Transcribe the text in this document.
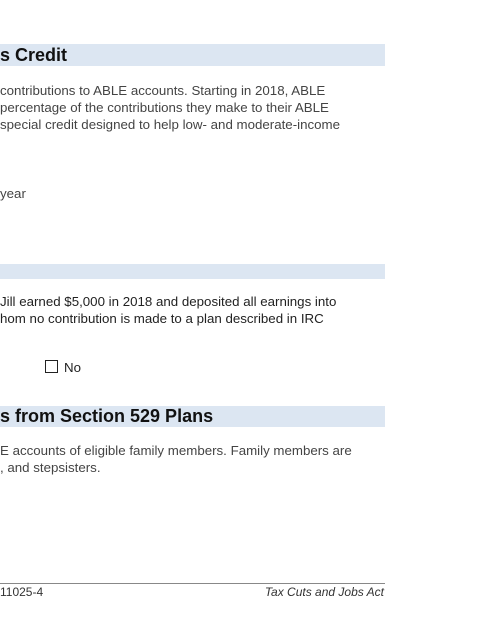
s Credit
contributions to ABLE accounts. Starting in 2018, ABLE
percentage of the contributions they make to their ABLE
special credit designed to help low- and moderate-income
year
Jill earned $5,000 in 2018 and deposited all earnings into
hom no contribution is made to a plan described in IRC
No
s from Section 529 Plans
E accounts of eligible family members. Family members are
, and stepsisters.
11025-4	Tax Cuts and Jobs Act
